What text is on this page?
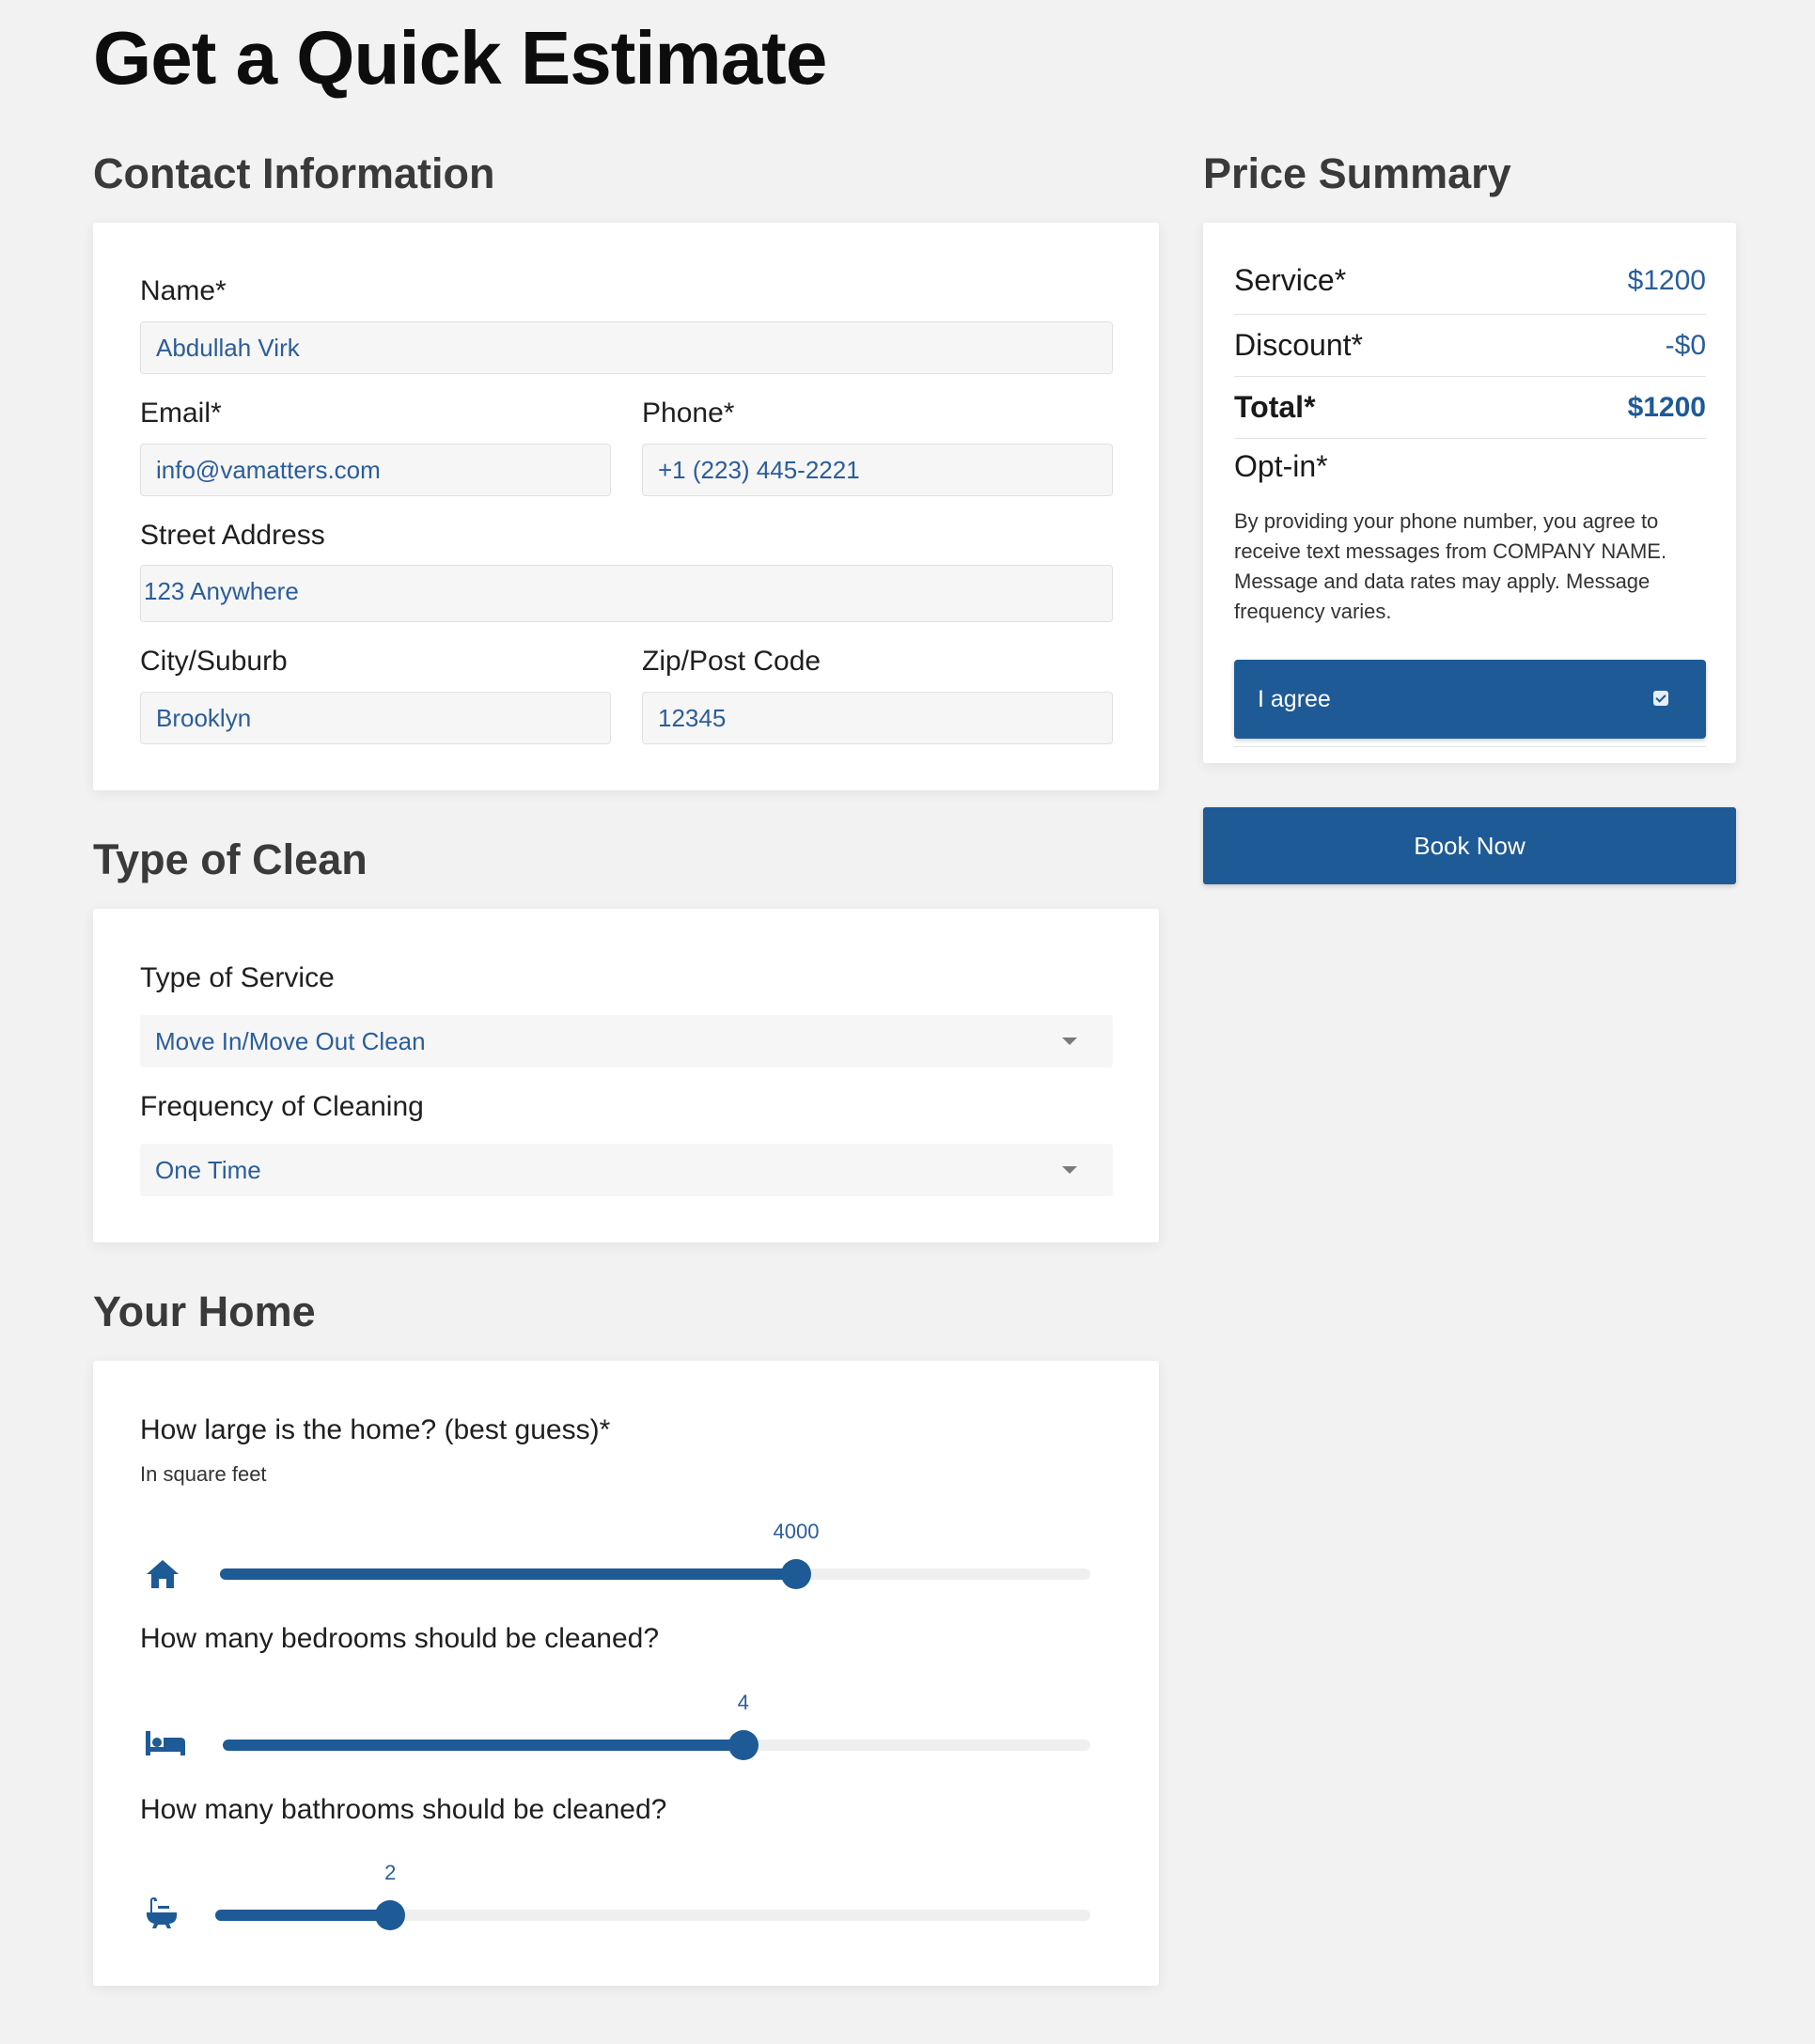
Get a Quick Estimate
Contact Information
Name*
Abdullah Virk
Email*
info@vamatters.com
Phone*
+1 (223) 445-2221
Street Address
123 Anywhere
City/Suburb
Brooklyn
Zip/Post Code
12345
Type of Clean
Type of Service
Move In/Move Out Clean
Frequency of Cleaning
One Time
Your Home
How large is the home? (best guess)*
In square feet
4000
How many bedrooms should be cleaned?
4
How many bathrooms should be cleaned?
2
Price Summary
Service*	$1200
Discount*	-$0
Total*	$1200
Opt-in*
By providing your phone number, you agree to receive text messages from COMPANY NAME. Message and data rates may apply. Message frequency varies.
I agree
Book Now
